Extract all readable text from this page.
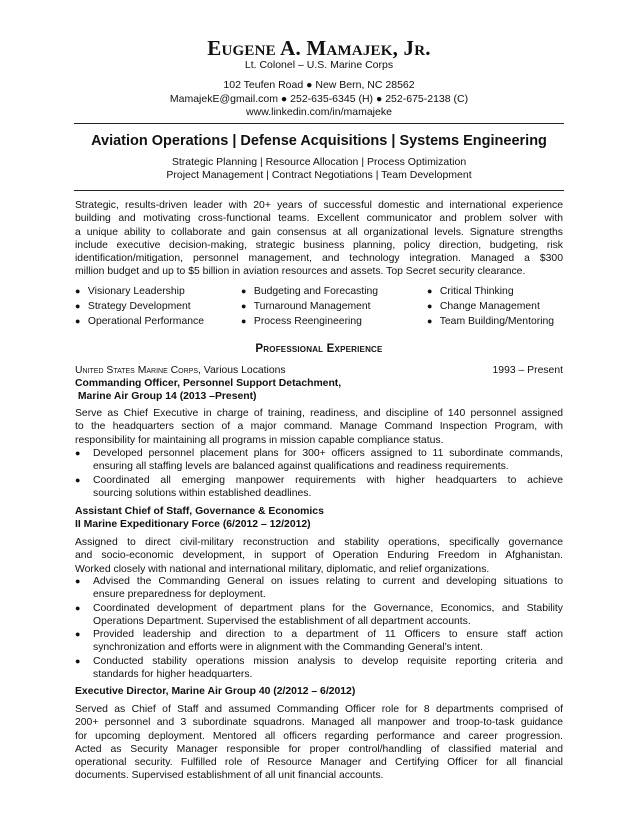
Eugene A. Mamajek, Jr.
Lt. Colonel – U.S. Marine Corps
102 Teufen Road ● New Bern, NC 28562
MamajekE@gmail.com ● 252-635-6345 (H) ● 252-675-2138 (C)
www.linkedin.com/in/mamajeke
Aviation Operations | Defense Acquisitions | Systems Engineering
Strategic Planning | Resource Allocation | Process Optimization
Project Management | Contract Negotiations | Team Development
Strategic, results-driven leader with 20+ years of successful domestic and international experience
building and motivating cross-functional teams. Excellent communicator and problem solver with
a unique ability to collaborate and gain consensus at all organizational levels. Signature strengths
include executive decision-making, strategic business planning, policy direction, budgeting, risk
identification/mitigation, personnel management, and technology integration. Managed a $300
million budget and up to $5 billion in aviation resources and assets. Top Secret security clearance.
● Visionary Leadership
● Strategy Development
● Operational Performance
● Budgeting and Forecasting
● Turnaround Management
● Process Reengineering
● Critical Thinking
● Change Management
● Team Building/Mentoring
Professional Experience
United States Marine Corps, Various Locations	1993 – Present
Commanding Officer, Personnel Support Detachment,
Marine Air Group 14 (2013 –Present)
Serve as Chief Executive in charge of training, readiness, and discipline of 140 personnel assigned
to the headquarters section of a major command. Manage Command Inspection Program, with
responsibility for maintaining all programs in mission capable compliance status.
● Developed personnel placement plans for 300+ officers assigned to 11 subordinate commands,
ensuring all staffing levels are balanced against qualifications and readiness requirements.
● Coordinated all emerging manpower requirements with higher headquarters to achieve
sourcing solutions within established deadlines.
Assistant Chief of Staff, Governance & Economics
II Marine Expeditionary Force (6/2012 – 12/2012)
Assigned to direct civil-military reconstruction and stability operations, specifically governance
and socio-economic development, in support of Operation Enduring Freedom in Afghanistan.
Worked closely with national and international military, diplomatic, and relief organizations.
● Advised the Commanding General on issues relating to current and developing situations to
ensure preparedness for deployment.
● Coordinated development of department plans for the Governance, Economics, and Stability
Operations Department. Supervised the establishment of all department accounts.
● Provided leadership and direction to a department of 11 Officers to ensure staff action
synchronization and efforts were in alignment with the Commanding General’s intent.
● Conducted stability operations mission analysis to develop requisite reporting criteria and
standards for higher headquarters.
Executive Director, Marine Air Group 40 (2/2012 – 6/2012)
Served as Chief of Staff and assumed Commanding Officer role for 8 departments comprised of
200+ personnel and 3 subordinate squadrons. Managed all manpower and troop-to-task guidance
for upcoming deployment. Mentored all officers regarding performance and career progression.
Acted as Security Manager responsible for proper control/handling of classified material and
operational security. Fulfilled role of Resource Manager and Certifying Officer for all financial
documents. Supervised establishment of all unit financial accounts.
